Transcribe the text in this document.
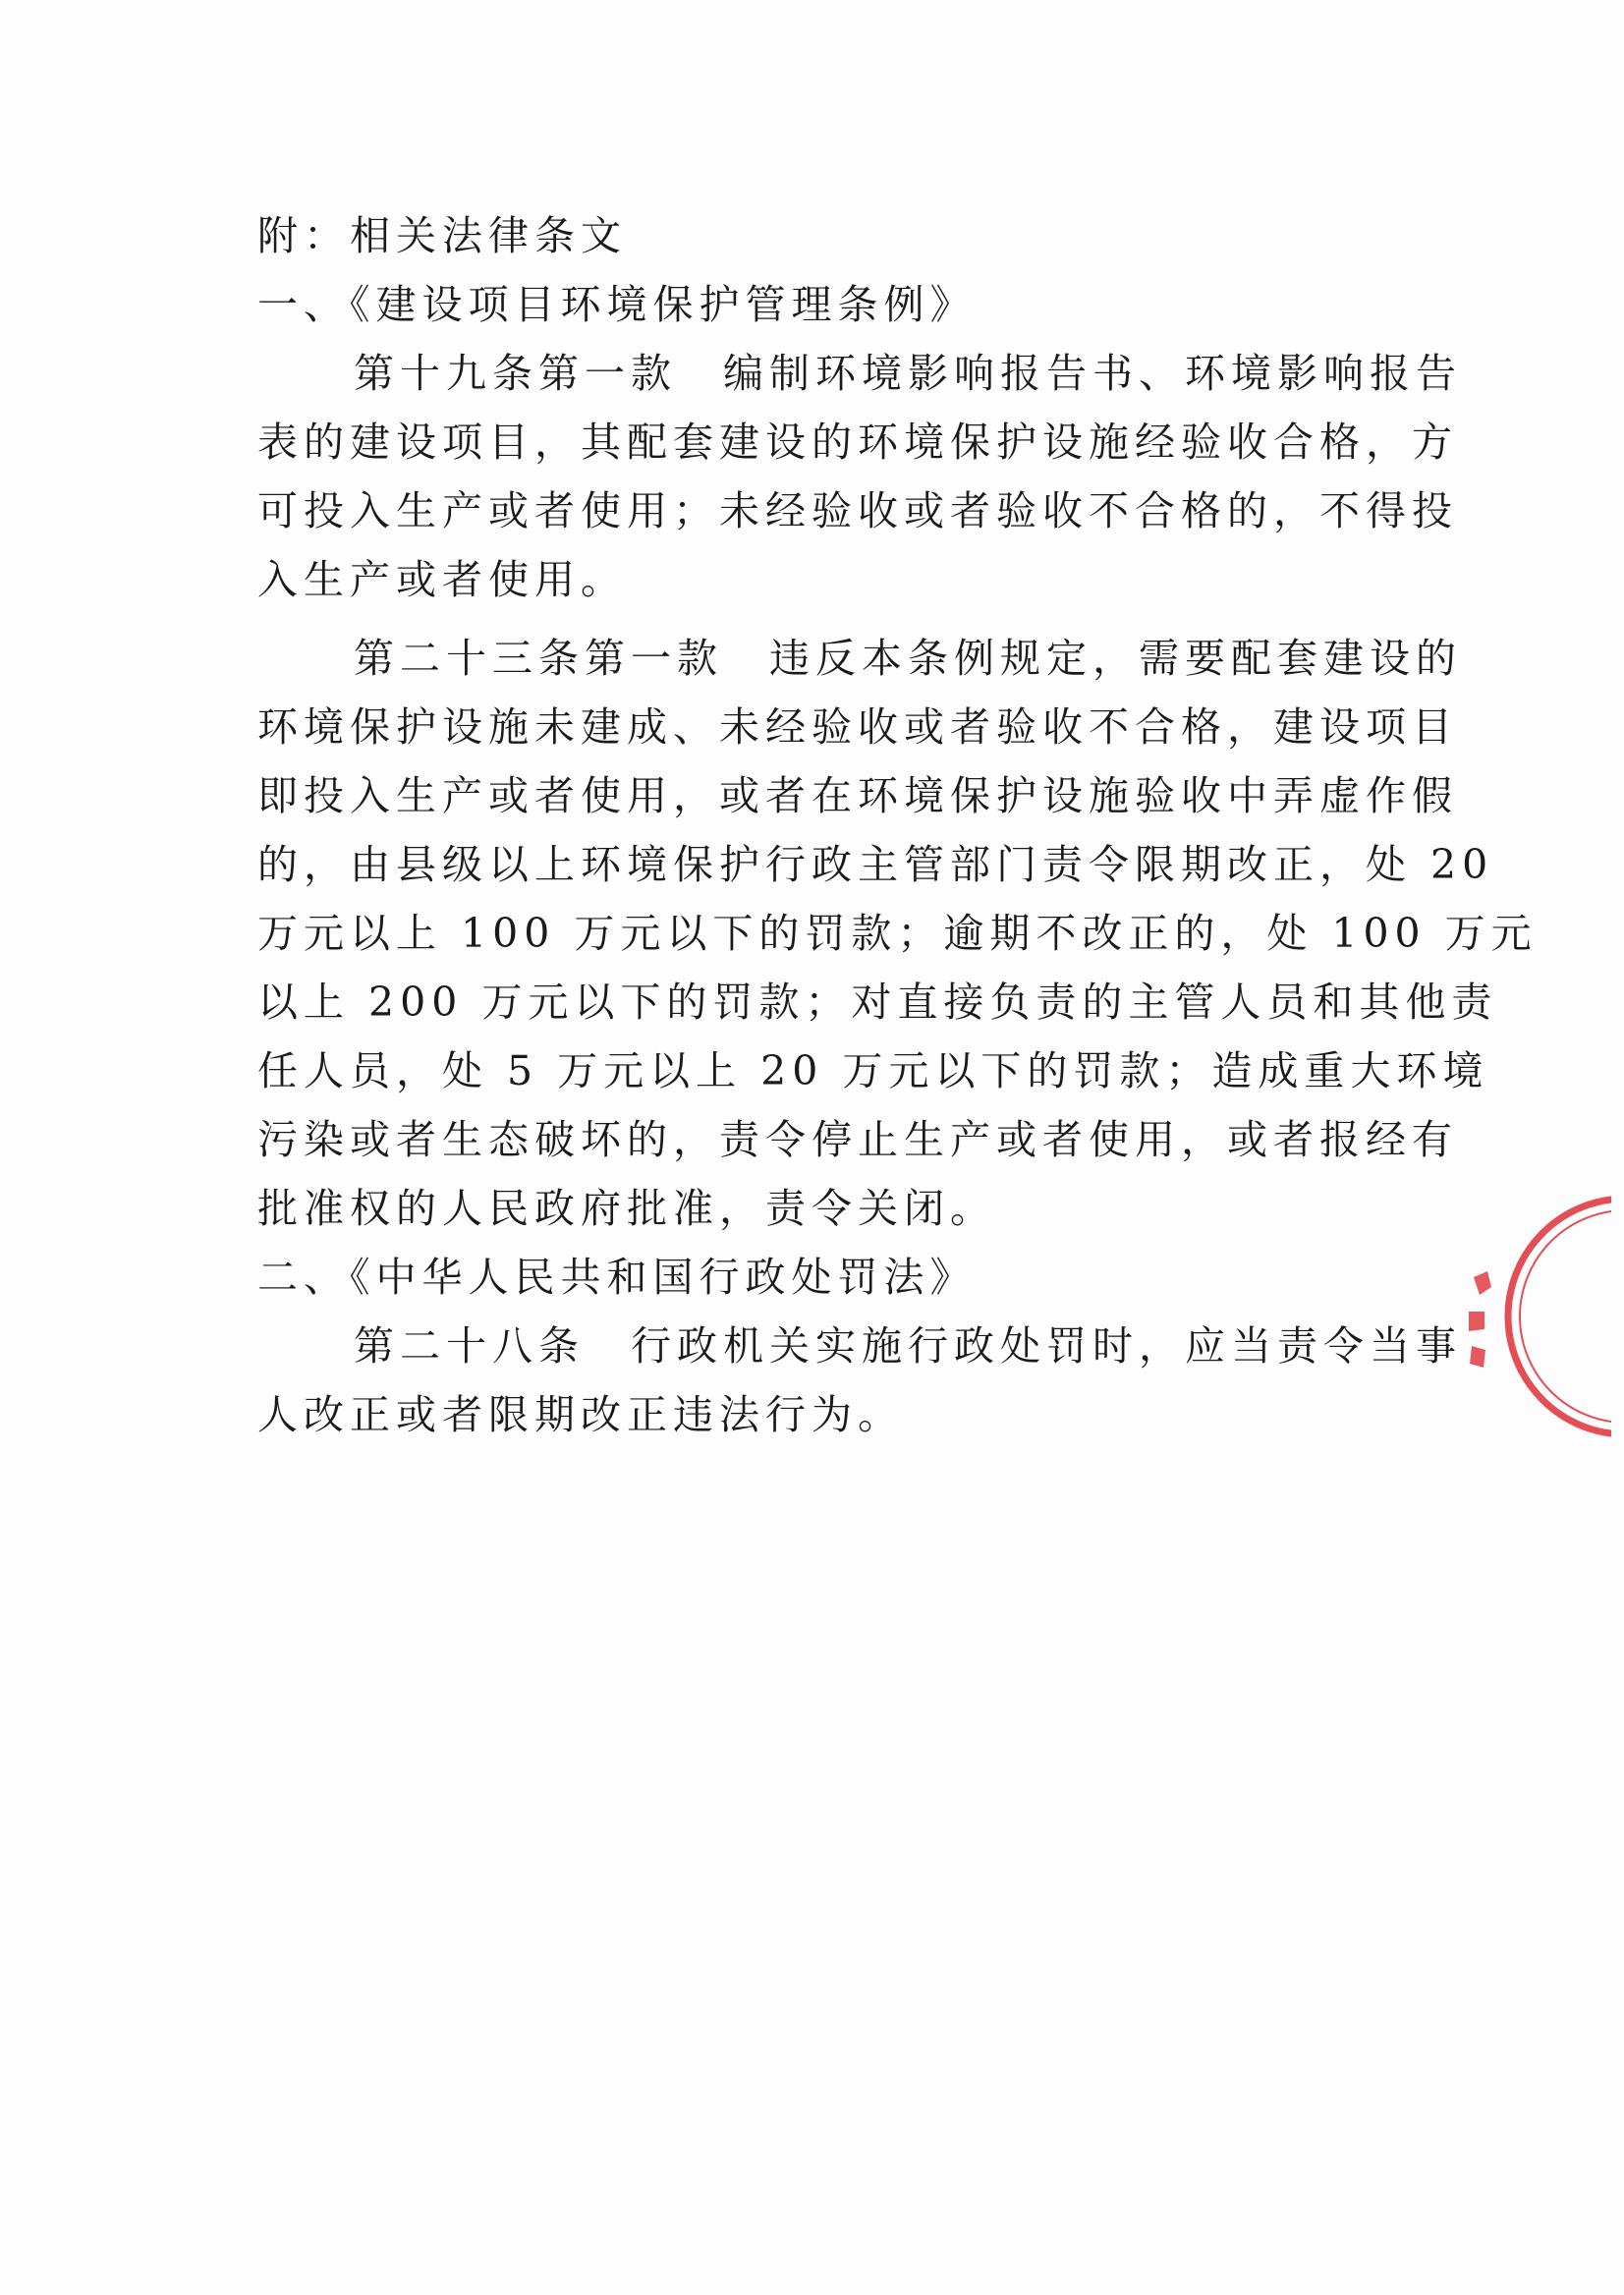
附：相关法律条文
一、《建设项目环境保护管理条例》
第十九条第一款　编制环境影响报告书、环境影响报告
表的建设项目，其配套建设的环境保护设施经验收合格，方
可投入生产或者使用；未经验收或者验收不合格的，不得投
入生产或者使用。
第二十三条第一款　违反本条例规定，需要配套建设的
环境保护设施未建成、未经验收或者验收不合格，建设项目
即投入生产或者使用，或者在环境保护设施验收中弄虚作假
的，由县级以上环境保护行政主管部门责令限期改正，处 20
万元以上 100 万元以下的罚款；逾期不改正的，处 100 万元
以上 200 万元以下的罚款；对直接负责的主管人员和其他责
任人员，处 5 万元以上 20 万元以下的罚款；造成重大环境
污染或者生态破坏的，责令停止生产或者使用，或者报经有
批准权的人民政府批准，责令关闭。
二、《中华人民共和国行政处罚法》
第二十八条　行政机关实施行政处罚时，应当责令当事
人改正或者限期改正违法行为。
